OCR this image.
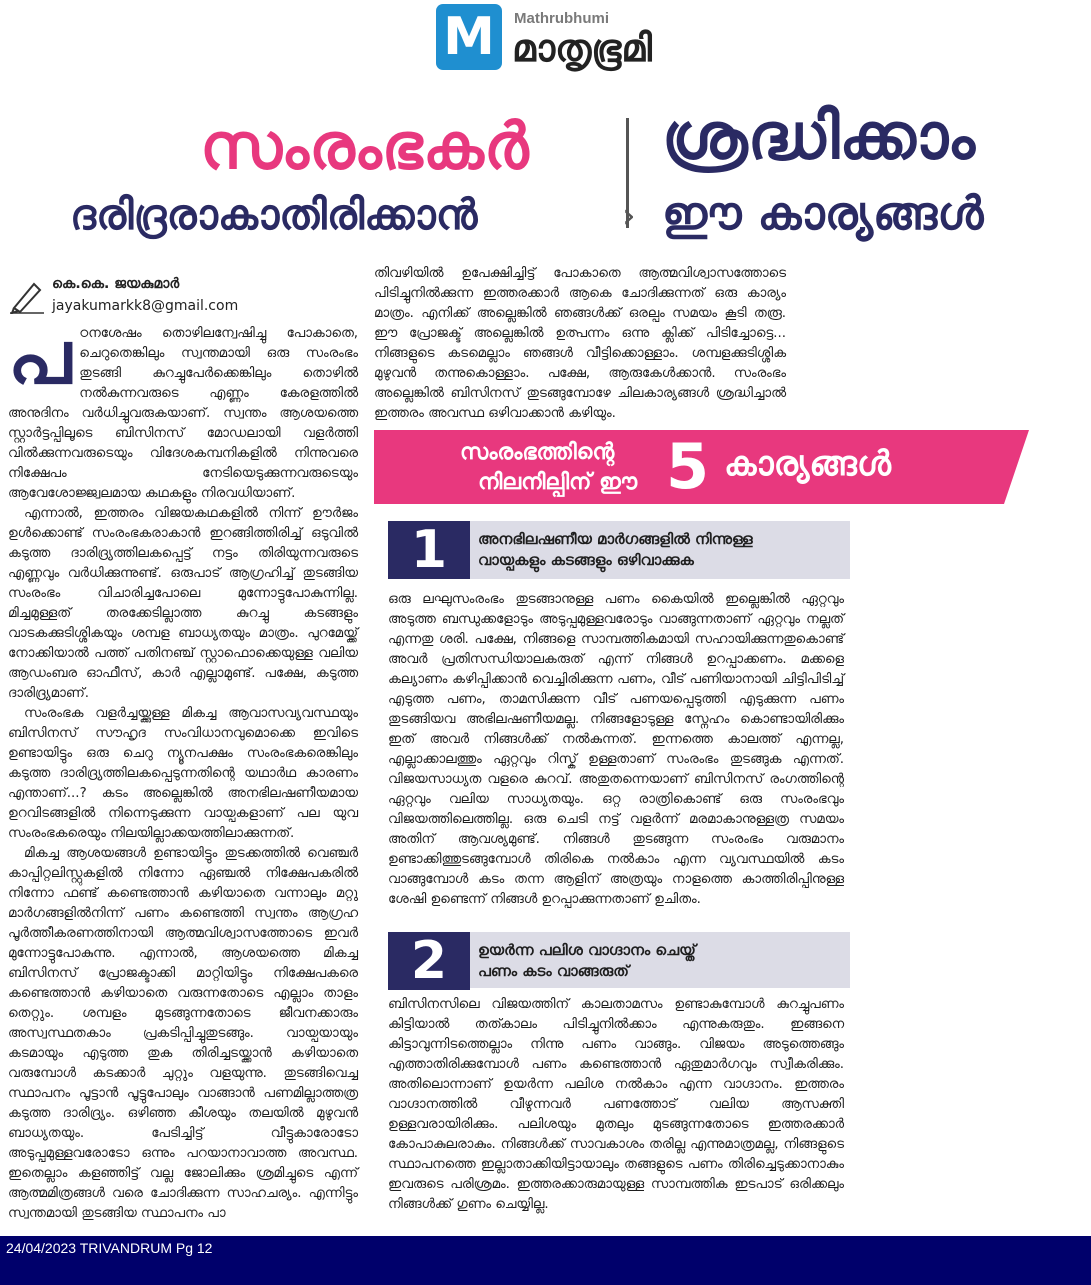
M	Mathrubhumi
മാതൃഭൂമി
സംരംഭകർ
ദരിദ്രരാകാതിരിക്കാൻ	›
ശ്രദ്ധിക്കാം
ഈ കാര്യങ്ങൾ
കെ.കെ. ജയകുമാർ
jayakumarkk8@gmail.com

പഠനശേഷം തൊഴിലന്വേഷിച്ചു പോകാതെ, ചെറുതെങ്കിലും സ്വന്തമായി ഒരു സംരംഭം തുടങ്ങി കുറച്ചുപേർക്കെങ്കിലും തൊഴിൽ നൽകുന്നവരുടെ എണ്ണം കേരളത്തിൽ അനുദിനം വർധിച്ചുവരുകയാണ്. സ്വന്തം ആശയത്തെ സ്റ്റാർട്ടപ്പിലൂടെ ബിസിനസ് മോഡലായി വളർത്തി വിൽക്കുന്നവരുടെയും വിദേശകമ്പനികളിൽ നിന്നുവരെ നിക്ഷേപം നേടിയെടുക്കുന്നവരുടെയും ആവേശോജ്ജ്വലമായ കഥകളും നിരവധിയാണ്.

എന്നാൽ, ഇത്തരം വിജയകഥകളിൽ നിന്ന് ഊർജം ഉൾക്കൊണ്ട് സംരംഭകരാകാൻ ഇറങ്ങിത്തിരിച്ച് ഒടുവിൽ കടുത്ത ദാരിദ്ര്യത്തിലകപ്പെട്ട് നട്ടം തിരിയുന്നവരുടെ എണ്ണവും വർധിക്കുന്നുണ്ട്. ഒരുപാട് ആഗ്രഹിച്ച് തുടങ്ങിയ സംരംഭം വിചാരിച്ചപോലെ മുന്നോട്ടുപോകുന്നില്ല. മിച്ചമുള്ളത് തരക്കേടില്ലാത്ത കുറച്ചു കടങ്ങളും വാടകക്കുടിശ്ശികയും ശമ്പള ബാധ്യതയും മാത്രം. പുറമേയ്ക്ക് നോക്കിയാൽ പത്ത് പതിനഞ്ച് സ്റ്റാഫൊക്കെയുള്ള വലിയ ആഡംബര ഓഫീസ്, കാർ എല്ലാമുണ്ട്. പക്ഷേ, കടുത്ത ദാരിദ്ര്യമാണ്.

സംരംഭക വളർച്ചയ്ക്കുള്ള മികച്ച ആവാസവ്യവസ്ഥയും ബിസിനസ് സൗഹൃദ സംവിധാനവുമൊക്കെ ഇവിടെ ഉണ്ടായിട്ടും ഒരു ചെറു ന്യൂനപക്ഷം സംരംഭകരെങ്കിലും കടുത്ത ദാരിദ്ര്യത്തിലകപ്പെടുന്നതിന്റെ യഥാർഥ കാരണം എന്താണ്...? കടം അല്ലെങ്കിൽ അനഭിലഷണീയമായ ഉറവിടങ്ങളിൽ നിന്നെടുക്കുന്ന വായ്പകളാണ് പല യുവ സംരംഭകരെയും നിലയില്ലാക്കയത്തിലാക്കുന്നത്.

മികച്ച ആശയങ്ങൾ ഉണ്ടായിട്ടും തുടക്കത്തിൽ വെഞ്ചർ കാപ്പിറ്റലിസ്റ്റുകളിൽ നിന്നോ ഏഞ്ചൽ നിക്ഷേപകരിൽ നിന്നോ ഫണ്ട് കണ്ടെത്താൻ കഴിയാതെ വന്നാലും മറ്റു മാർഗങ്ങളിൽനിന്ന് പണം കണ്ടെത്തി സ്വന്തം ആഗ്രഹ പൂർത്തീകരണത്തിനായി ആത്മവിശ്വാസത്തോടെ ഇവർ മുന്നോട്ടുപോകുന്നു. എന്നാൽ, ആശയത്തെ മികച്ച ബിസിനസ് പ്രോജക്ടാക്കി മാറ്റിയിട്ടും നിക്ഷേപകരെ കണ്ടെത്താൻ കഴിയാതെ വരുന്നതോടെ എല്ലാം താളം തെറ്റും. ശമ്പളം മുടങ്ങുന്നതോടെ ജീവനക്കാരും അസ്വസ്ഥതകാം പ്രകടിപ്പിച്ചുതുടങ്ങും. വായ്പയായും കടമായും എടുത്ത തുക തിരിച്ചടയ്ക്കാൻ കഴിയാതെ വരുമ്പോൾ കടക്കാർ ചുറ്റും വളയുന്നു. തുടങ്ങിവെച്ച സ്ഥാപനം പൂട്ടാൻ പൂട്ടുപോലും വാങ്ങാൻ പണമില്ലാത്തത്ര കടുത്ത ദാരിദ്ര്യം. ഒഴിഞ്ഞ കീശയും തലയിൽ മുഴുവൻ ബാധ്യതയും. പേടിച്ചിട്ട് വീട്ടുകാരോടോ അടുപ്പമുള്ളവരോടോ ഒന്നും പറയാനാവാത്ത അവസ്ഥ. ഇതെല്ലാം കളഞ്ഞിട്ട് വല്ല ജോലിക്കും ശ്രമിച്ചുടെ എന്ന് ആത്മമിത്രങ്ങൾ വരെ ചോദിക്കുന്ന സാഹചര്യം. എന്നിട്ടും സ്വന്തമായി തുടങ്ങിയ സ്ഥാപനം പാ

തിവഴിയിൽ ഉപേക്ഷിച്ചിട്ട് പോകാതെ ആത്മവിശ്വാസത്തോടെ പിടിച്ചുനിൽക്കുന്ന ഇത്തരക്കാർ ആകെ ചോദിക്കുന്നത് ഒരു കാര്യം മാത്രം. എനിക്ക് അല്ലെങ്കിൽ ഞങ്ങൾക്ക് ഒരല്പം സമയം കൂടി തരൂ. ഈ പ്രോജക്ട് അല്ലെങ്കിൽ ഉത്പന്നം ഒന്നു ക്ലിക്ക് പിടിച്ചോട്ടെ... നിങ്ങളുടെ കടമെല്ലാം ഞങ്ങൾ വീട്ടിക്കൊള്ളാം. ശമ്പളക്കുടിശ്ശിക മുഴുവൻ തന്നുകൊള്ളാം. പക്ഷേ, ആരുകേൾക്കാൻ. സംരംഭം അല്ലെങ്കിൽ ബിസിനസ് തുടങ്ങുമ്പോഴേ ചിലകാര്യങ്ങൾ ശ്രദ്ധിച്ചാൽ ഇത്തരം അവസ്ഥ ഒഴിവാക്കാൻ കഴിയും.

സംരംഭത്തിന്റെ
നിലനില്പിന് ഈ 5 കാര്യങ്ങൾ
1	അനഭിലഷണീയ മാർഗങ്ങളിൽ നിന്നുള്ള
വായ്പകളും കടങ്ങളും ഒഴിവാക്കുക

ഒരു ലഘുസംരംഭം തുടങ്ങാനുള്ള പണം കൈയിൽ ഇല്ലെങ്കിൽ ഏറ്റവും അടുത്ത ബന്ധുക്കളോടും അടുപ്പമുള്ളവരോടും വാങ്ങുന്നതാണ് ഏറ്റവും നല്ലത് എന്നതു ശരി. പക്ഷേ, നിങ്ങളെ സാമ്പത്തികമായി സഹായിക്കുന്നതുകൊണ്ട് അവർ പ്രതിസന്ധിയാലകരുത് എന്ന് നിങ്ങൾ ഉറപ്പാക്കണം. മക്കളെ കല്യാണം കഴിപ്പിക്കാൻ വെച്ചിരിക്കുന്ന പണം, വീട് പണിയാനായി ചിട്ടിപിടിച്ച് എടുത്ത പണം, താമസിക്കുന്ന വീട് പണയപ്പെടുത്തി എടുക്കുന്ന പണം തുടങ്ങിയവ അഭിലഷണീയമല്ല. നിങ്ങളോടുള്ള സ്നേഹം കൊണ്ടായിരിക്കും ഇത് അവർ നിങ്ങൾക്ക് നൽകുന്നത്. ഇന്നത്തെ കാലത്ത് എന്നല്ല, എല്ലാക്കാലത്തും ഏറ്റവും റിസ്ക് ഉള്ളതാണ് സംരംഭം തുടങ്ങുക എന്നത്. വിജയസാധ്യത വളരെ കുറവ്. അതുതന്നെയാണ് ബിസിനസ് രംഗത്തിന്റെ ഏറ്റവും വലിയ സാധ്യതയും. ഒറ്റ രാത്രികൊണ്ട് ഒരു സംരംഭവും വിജയത്തിലെത്തില്ല. ഒരു ചെടി നട്ട് വളർന്ന് മരമാകാനുള്ളത്ര സമയം അതിന് ആവശ്യമുണ്ട്. നിങ്ങൾ തുടങ്ങുന്ന സംരംഭം വരുമാനം ഉണ്ടാക്കിത്തുടങ്ങുമ്പോൾ തിരികെ നൽകാം എന്ന വ്യവസ്ഥയിൽ കടം വാങ്ങുമ്പോൾ കടം തന്ന ആളിന് അത്രയും നാളത്തെ കാത്തിരിപ്പിനുള്ള ശേഷി ഉണ്ടെന്ന് നിങ്ങൾ ഉറപ്പാക്കുന്നതാണ് ഉചിതം.

2	ഉയർന്ന പലിശ വാഗ്ദാനം ചെയ്ത്
പണം കടം വാങ്ങരുത്

ബിസിനസിലെ വിജയത്തിന് കാലതാമസം ഉണ്ടാകുമ്പോൾ കുറച്ചുപണം കിട്ടിയാൽ തത്കാലം പിടിച്ചുനിൽക്കാം എന്നുകരുതും. ഇങ്ങനെ കിട്ടാവുന്നിടത്തെല്ലാം നിന്നു പണം വാങ്ങും. വിജയം അടുത്തെങ്ങും എത്താതിരിക്കുമ്പോൾ പണം കണ്ടെത്താൻ ഏതുമാർഗവും സ്വീകരിക്കും. അതിലൊന്നാണ് ഉയർന്ന പലിശ നൽകാം എന്ന വാഗ്ദാനം. ഇത്തരം വാഗ്ദാനത്തിൽ വീഴുന്നവർ പണത്തോട് വലിയ ആസക്തി ഉള്ളവരായിരിക്കും. പലിശയും മുതലും മുടങ്ങുന്നതോടെ ഇത്തരക്കാർ കോപാകുലരാകും. നിങ്ങൾക്ക് സാവകാശം തരില്ല എന്നുമാത്രമല്ല, നിങ്ങളുടെ സ്ഥാപനത്തെ ഇല്ലാതാക്കിയിട്ടായാലും തങ്ങളുടെ പണം തിരിച്ചെടുക്കാനാകും ഇവരുടെ പരിശ്രമം. ഇത്തരക്കാരുമായുള്ള സാമ്പത്തിക ഇടപാട് ഒരിക്കലും നിങ്ങൾക്ക് ഗുണം ചെയ്യില്ല.

24/04/2023 TRIVANDRUM Pg 12
